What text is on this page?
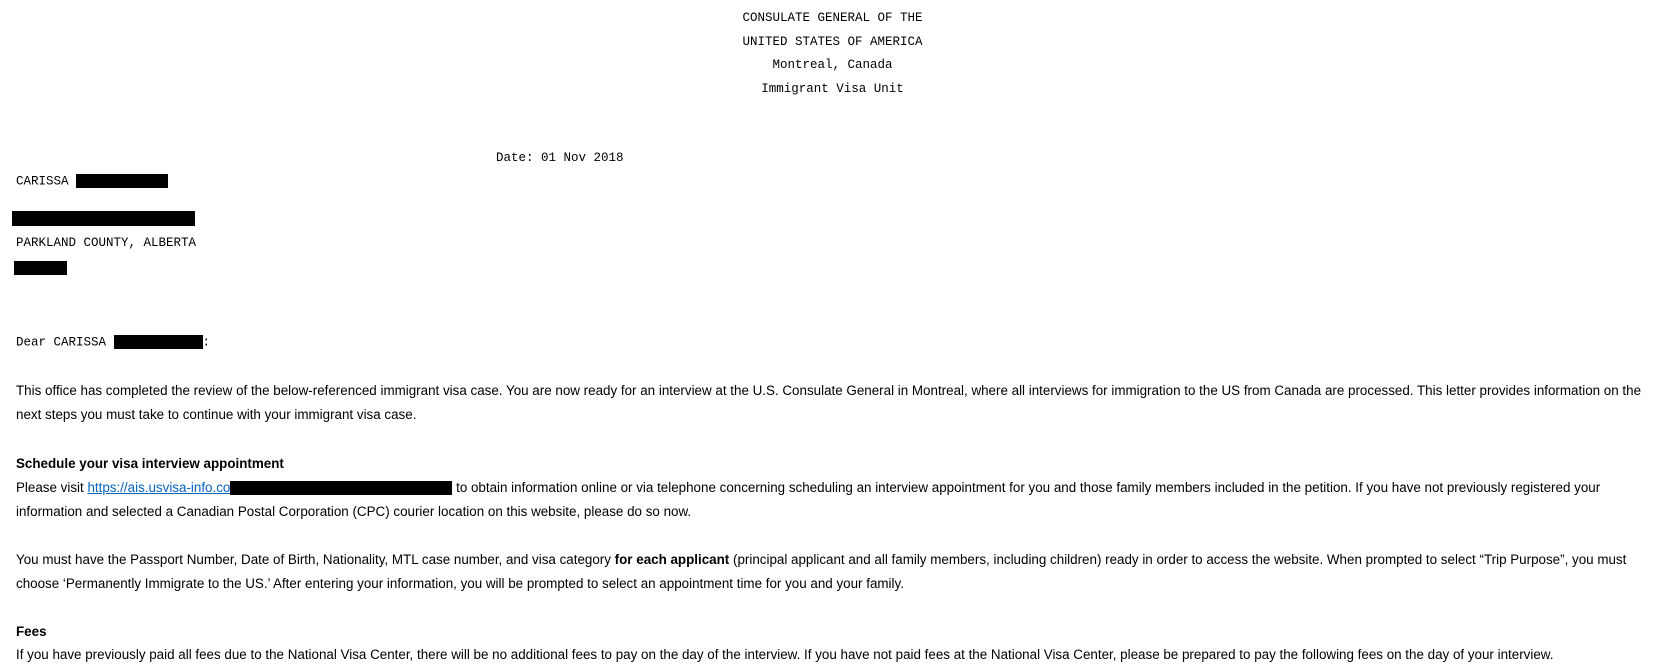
CONSULATE GENERAL OF THE
UNITED STATES OF AMERICA
Montreal, Canada
Immigrant Visa Unit
Date: 01 Nov 2018
CARISSA
PARKLAND COUNTY, ALBERTA
Dear CARISSA	:
This office has completed the review of the below-referenced immigrant visa case. You are now ready for an interview at the U.S. Consulate General in Montreal, where all interviews for immigration to the US from Canada are processed. This letter provides information on the next steps you must take to continue with your immigrant visa case.
Schedule your visa interview appointment
Please visit https://ais.usvisa-info.co	to obtain information online or via telephone concerning scheduling an interview appointment for you and those family members included in the petition. If you have not previously registered your information and selected a Canadian Postal Corporation (CPC) courier location on this website, please do so now.
You must have the Passport Number, Date of Birth, Nationality, MTL case number, and visa category for each applicant (principal applicant and all family members, including children) ready in order to access the website. When prompted to select “Trip Purpose”, you must choose ‘Permanently Immigrate to the US.’ After entering your information, you will be prompted to select an appointment time for you and your family.
Fees
If you have previously paid all fees due to the National Visa Center, there will be no additional fees to pay on the day of the interview. If you have not paid fees at the National Visa Center, please be prepared to pay the following fees on the day of your interview.
